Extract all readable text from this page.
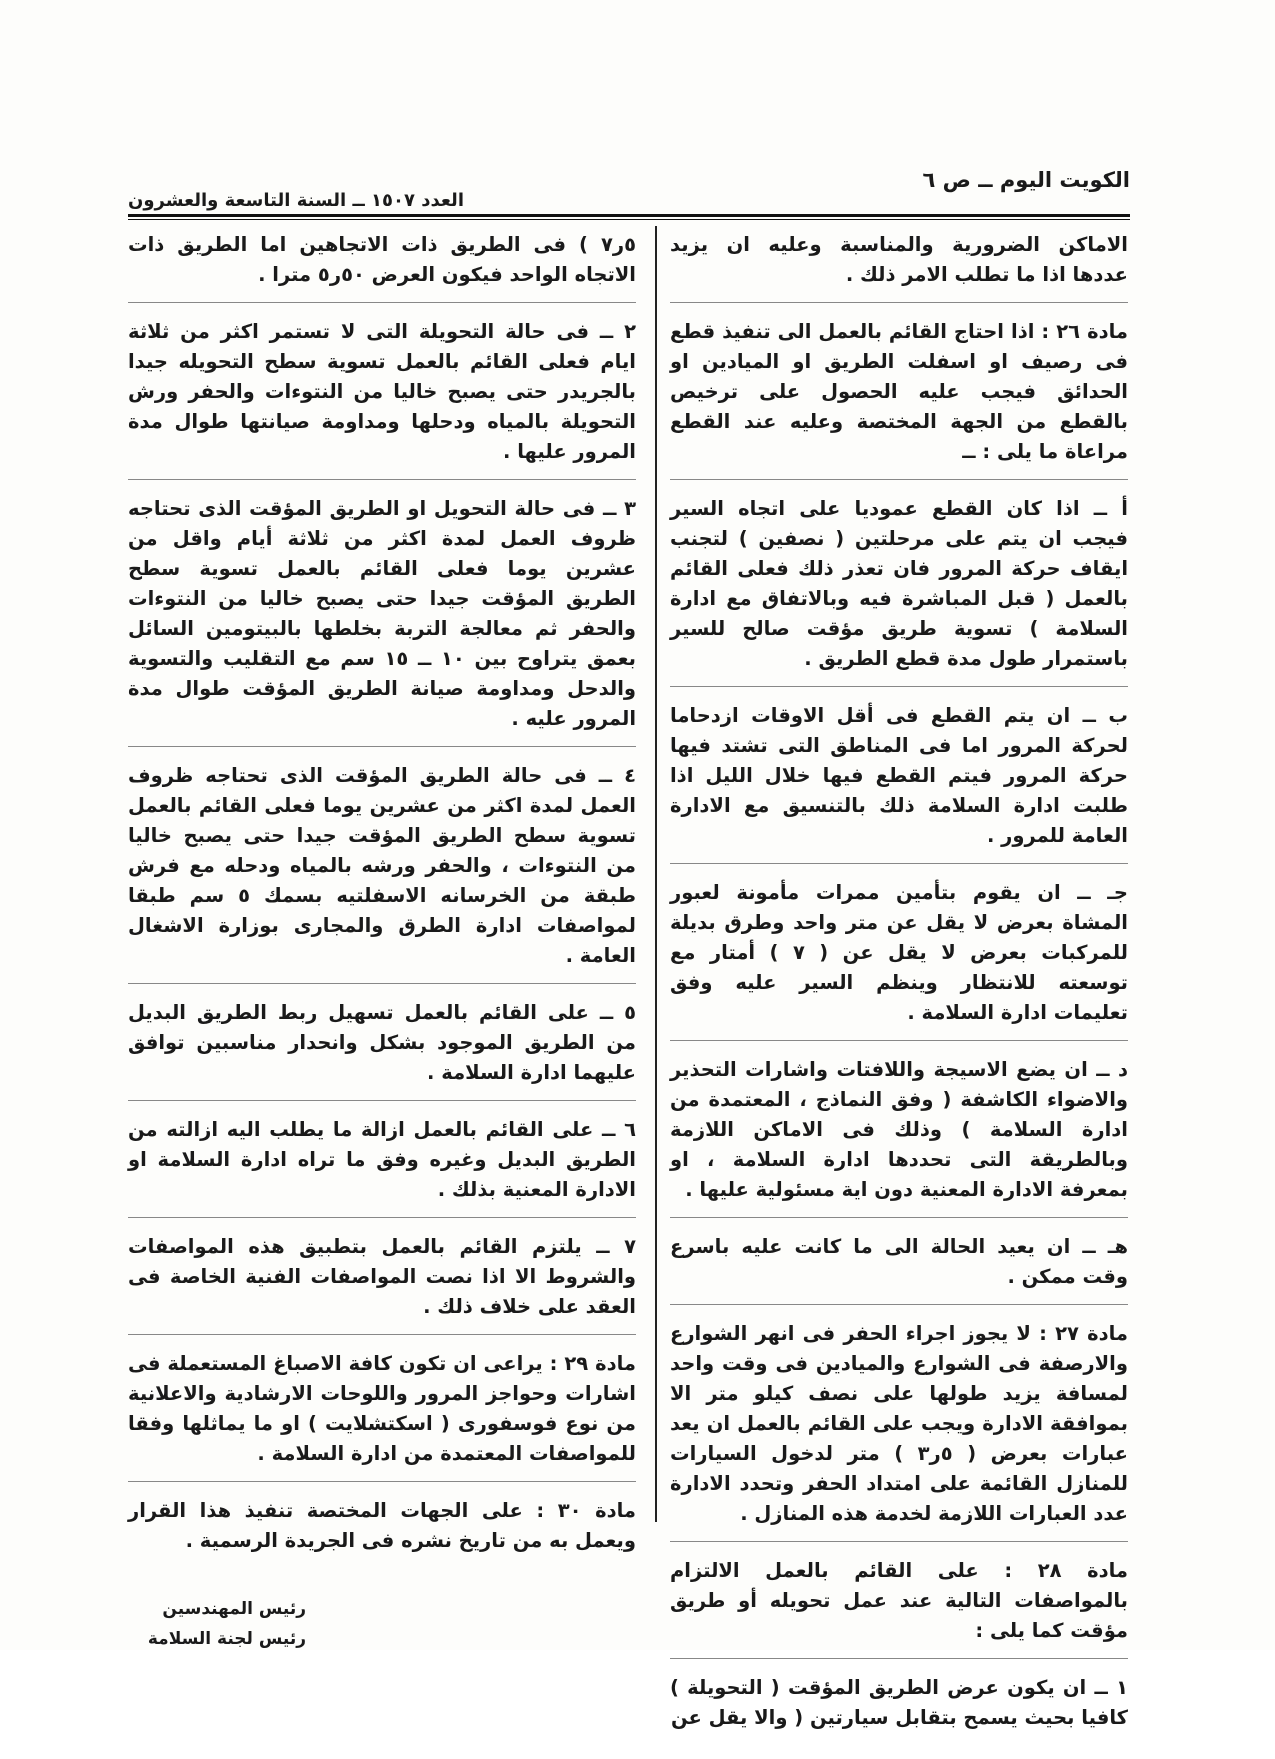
الكويت اليوم ــ ص ٦
العدد ١٥٠٧ ــ السنة التاسعة والعشرون

الاماكن الضرورية والمناسبة وعليه ان يزيد عددها اذا ما تطلب الامر ذلك .

مادة ٢٦ : اذا احتاج القائم بالعمل الى تنفيذ قطع فى رصيف او اسفلت الطريق او الميادين او الحدائق فيجب عليه الحصول على ترخيص بالقطع من الجهة المختصة وعليه عند القطع مراعاة ما يلى : ــ

أ ــ اذا كان القطع عموديا على اتجاه السير فيجب ان يتم على مرحلتين ( نصفين ) لتجنب ايقاف حركة المرور فان تعذر ذلك فعلى القائم بالعمل ( قبل المباشرة فيه وبالاتفاق مع ادارة السلامة ) تسوية طريق مؤقت صالح للسير باستمرار طول مدة قطع الطريق .

ب ــ ان يتم القطع فى أقل الاوقات ازدحاما لحركة المرور اما فى المناطق التى تشتد فيها حركة المرور فيتم القطع فيها خلال الليل اذا طلبت ادارة السلامة ذلك بالتنسيق مع الادارة العامة للمرور .

جـ ــ ان يقوم بتأمين ممرات مأمونة لعبور المشاة بعرض لا يقل عن متر واحد وطرق بديلة للمركبات بعرض لا يقل عن ( ٧ ) أمتار مع توسعته للانتظار وينظم السير عليه وفق تعليمات ادارة السلامة .

د ــ ان يضع الاسيجة واللافتات واشارات التحذير والاضواء الكاشفة ( وفق النماذج ، المعتمدة من ادارة السلامة ) وذلك فى الاماكن اللازمة وبالطريقة التى تحددها ادارة السلامة ، او بمعرفة الادارة المعنية دون اية مسئولية عليها .

هـ ــ ان يعيد الحالة الى ما كانت عليه باسرع وقت ممكن .

مادة ٢٧ : لا يجوز اجراء الحفر فى انهر الشوارع والارصفة فى الشوارع والميادين فى وقت واحد لمسافة يزيد طولها على نصف كيلو متر الا بموافقة الادارة ويجب على القائم بالعمل ان يعد عبارات بعرض ( ٥ر٣ ) متر لدخول السيارات للمنازل القائمة على امتداد الحفر وتحدد الادارة عدد العبارات اللازمة لخدمة هذه المنازل .

مادة ٢٨ : على القائم بالعمل الالتزام بالمواصفات التالية عند عمل تحويله أو طريق مؤقت كما يلى :

١ ــ ان يكون عرض الطريق المؤقت ( التحويلة ) كافيا بحيث يسمح بتقابل سيارتين ( والا يقل عن

٥ر٧ ) فى الطريق ذات الاتجاهين اما الطريق ذات الاتجاه الواحد فيكون العرض ٥٠ر٥ مترا .

٢ ــ فى حالة التحويلة التى لا تستمر اكثر من ثلاثة ايام فعلى القائم بالعمل تسوية سطح التحويله جيدا بالجريدر حتى يصبح خاليا من النتوءات والحفر ورش التحويلة بالمياه ودحلها ومداومة صيانتها طوال مدة المرور عليها .

٣ ــ فى حالة التحويل او الطريق المؤقت الذى تحتاجه ظروف العمل لمدة اكثر من ثلاثة أيام واقل من عشرين يوما فعلى القائم بالعمل تسوية سطح الطريق المؤقت جيدا حتى يصبح خاليا من النتوءات والحفر ثم معالجة التربة بخلطها بالبيتومين السائل بعمق يتراوح بين ١٠ ــ ١٥ سم مع التقليب والتسوية والدحل ومداومة صيانة الطريق المؤقت طوال مدة المرور عليه .

٤ ــ فى حالة الطريق المؤقت الذى تحتاجه ظروف العمل لمدة اكثر من عشرين يوما فعلى القائم بالعمل تسوية سطح الطريق المؤقت جيدا حتى يصبح خاليا من النتوءات ، والحفر ورشه بالمياه ودحله مع فرش طبقة من الخرسانه الاسفلتيه بسمك ٥ سم طبقا لمواصفات ادارة الطرق والمجارى بوزارة الاشغال العامة .

٥ ــ على القائم بالعمل تسهيل ربط الطريق البديل من الطريق الموجود بشكل وانحدار مناسبين توافق عليهما ادارة السلامة .

٦ ــ على القائم بالعمل ازالة ما يطلب اليه ازالته من الطريق البديل وغيره وفق ما تراه ادارة السلامة او الادارة المعنية بذلك .

٧ ــ يلتزم القائم بالعمل بتطبيق هذه المواصفات والشروط الا اذا نصت المواصفات الفنية الخاصة فى العقد على خلاف ذلك .

مادة ٢٩ : يراعى ان تكون كافة الاصباغ المستعملة فى اشارات وحواجز المرور واللوحات الارشادية والاعلانية من نوع فوسفورى ( اسكتشلايت ) او ما يماثلها وفقا للمواصفات المعتمدة من ادارة السلامة .

مادة ٣٠ : على الجهات المختصة تنفيذ هذا القرار ويعمل به من تاريخ نشره فى الجريدة الرسمية .

رئيس المهندسين
رئيس لجنة السلامة
